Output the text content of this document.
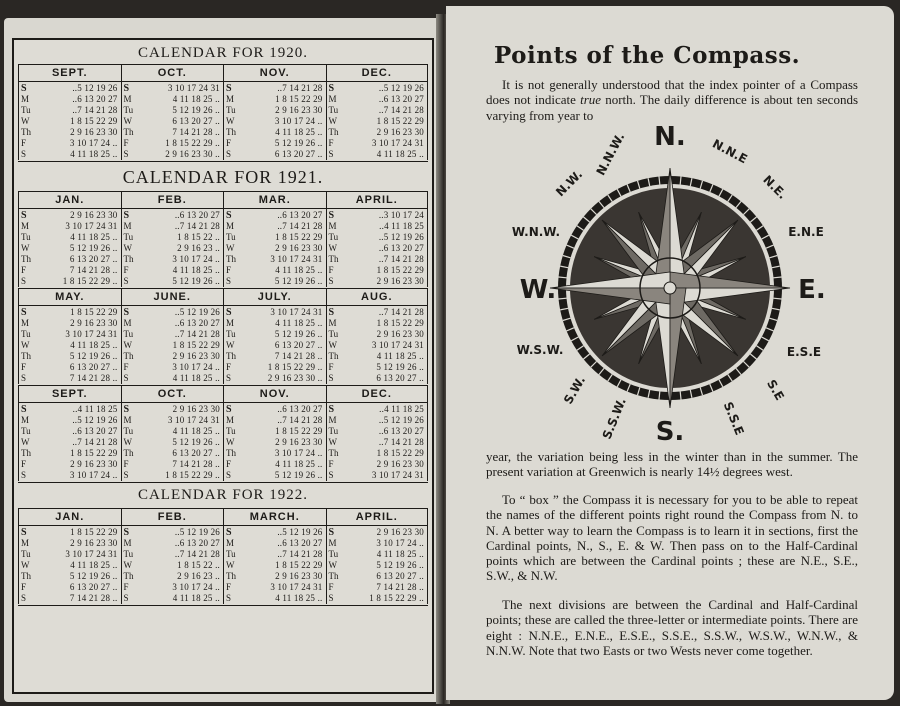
CALENDAR FOR 1920.
SEPT.
S	..5 12 19 26
M	..6 13 20 27
Tu	..7 14 21 28
W	1 8 15 22 29
Th	2 9 16 23 30
F	3 10 17 24 ..
S	4 11 18 25 ..
OCT.
S	3 10 17 24 31
M	4 11 18 25 ..
Tu	5 12 19 26 ..
W	6 13 20 27 ..
Th	7 14 21 28 ..
F	1 8 15 22 29 ..
S	2 9 16 23 30 ..
NOV.
S	..7 14 21 28
M	1 8 15 22 29
Tu	2 9 16 23 30
W	3 10 17 24 ..
Th	4 11 18 25 ..
F	5 12 19 26 ..
S	6 13 20 27 ..
DEC.
S	..5 12 19 26
M	..6 13 20 27
Tu	..7 14 21 28
W	1 8 15 22 29
Th	2 9 16 23 30
F	3 10 17 24 31
S	4 11 18 25 ..
CALENDAR FOR 1921.
JAN.
S	2 9 16 23 30
M	3 10 17 24 31
Tu	4 11 18 25 ..
W	5 12 19 26 ..
Th	6 13 20 27 ..
F	7 14 21 28 ..
S	1 8 15 22 29 ..
FEB.
S	..6 13 20 27
M	..7 14 21 28
Tu	1 8 15 22 ..
W	2 9 16 23 ..
Th	3 10 17 24 ..
F	4 11 18 25 ..
S	5 12 19 26 ..
MAR.
S	..6 13 20 27
M	..7 14 21 28
Tu	1 8 15 22 29
W	2 9 16 23 30
Th	3 10 17 24 31
F	4 11 18 25 ..
S	5 12 19 26 ..
APRIL.
S	..3 10 17 24
M	..4 11 18 25
Tu	..5 12 19 26
W	..6 13 20 27
Th	..7 14 21 28
F	1 8 15 22 29
S	2 9 16 23 30
MAY.
S	1 8 15 22 29
M	2 9 16 23 30
Tu	3 10 17 24 31
W	4 11 18 25 ..
Th	5 12 19 26 ..
F	6 13 20 27 ..
S	7 14 21 28 ..
JUNE.
S	..5 12 19 26
M	..6 13 20 27
Tu	..7 14 21 28
W	1 8 15 22 29
Th	2 9 16 23 30
F	3 10 17 24 ..
S	4 11 18 25 ..
JULY.
S	3 10 17 24 31
M	4 11 18 25 ..
Tu	5 12 19 26 ..
W	6 13 20 27 ..
Th	7 14 21 28 ..
F	1 8 15 22 29 ..
S	2 9 16 23 30 ..
AUG.
S	..7 14 21 28
M	1 8 15 22 29
Tu	2 9 16 23 30
W	3 10 17 24 31
Th	4 11 18 25 ..
F	5 12 19 26 ..
S	6 13 20 27 ..
SEPT.
S	..4 11 18 25
M	..5 12 19 26
Tu	..6 13 20 27
W	..7 14 21 28
Th	1 8 15 22 29
F	2 9 16 23 30
S	3 10 17 24 ..
OCT.
S	2 9 16 23 30
M	3 10 17 24 31
Tu	4 11 18 25 ..
W	5 12 19 26 ..
Th	6 13 20 27 ..
F	7 14 21 28 ..
S	1 8 15 22 29 ..
NOV.
S	..6 13 20 27
M	..7 14 21 28
Tu	1 8 15 22 29
W	2 9 16 23 30
Th	3 10 17 24 ..
F	4 11 18 25 ..
S	5 12 19 26 ..
DEC.
S	..4 11 18 25
M	..5 12 19 26
Tu	..6 13 20 27
W	..7 14 21 28
Th	1 8 15 22 29
F	2 9 16 23 30
S	3 10 17 24 31
CALENDAR FOR 1922.
JAN.
S	1 8 15 22 29
M	2 9 16 23 30
Tu	3 10 17 24 31
W	4 11 18 25 ..
Th	5 12 19 26 ..
F	6 13 20 27 ..
S	7 14 21 28 ..
FEB.
S	..5 12 19 26
M	..6 13 20 27
Tu	..7 14 21 28
W	1 8 15 22 ..
Th	2 9 16 23 ..
F	3 10 17 24 ..
S	4 11 18 25 ..
MARCH.
S	..5 12 19 26
M	..6 13 20 27
Tu	..7 14 21 28
W	1 8 15 22 29
Th	2 9 16 23 30
F	3 10 17 24 31
S	4 11 18 25 ..
APRIL.
S	2 9 16 23 30
M	3 10 17 24 ..
Tu	4 11 18 25 ..
W	5 12 19 26 ..
Th	6 13 20 27 ..
F	7 14 21 28 ..
S	1 8 15 22 29 ..
Points of the Compass.
It is not generally understood that the index pointer of a Compass does not indicate true north. The daily difference is about ten seconds varying from year to
N. N.N.E
N.E.
E.N.E
E.
E.S.E
S.E
S.S.E
S.
S.S.W.
S.W.
W.S.W.
W.
W.N.W.
N.W.
N.N.W.
year, the variation being less in the winter than in the summer. The present variation at Greenwich is nearly 14½ degrees west.
To “ box ” the Compass it is necessary for you to be able to repeat the names of the different points right round the Compass from N. to N. A better way to learn the Compass is to learn it in sections, first the Cardinal points, N., S., E. & W. Then pass on to the Half-Cardinal points which are between the Cardinal points ; these are N.E., S.E., S.W., & N.W.
The next divisions are between the Cardinal and Half-Cardinal points; these are called the three-letter or intermediate points. There are eight : N.N.E., E.N.E., E.S.E., S.S.E., S.S.W., W.S.W., W.N.W., & N.N.W. Note that two Easts or two Wests never come together.
